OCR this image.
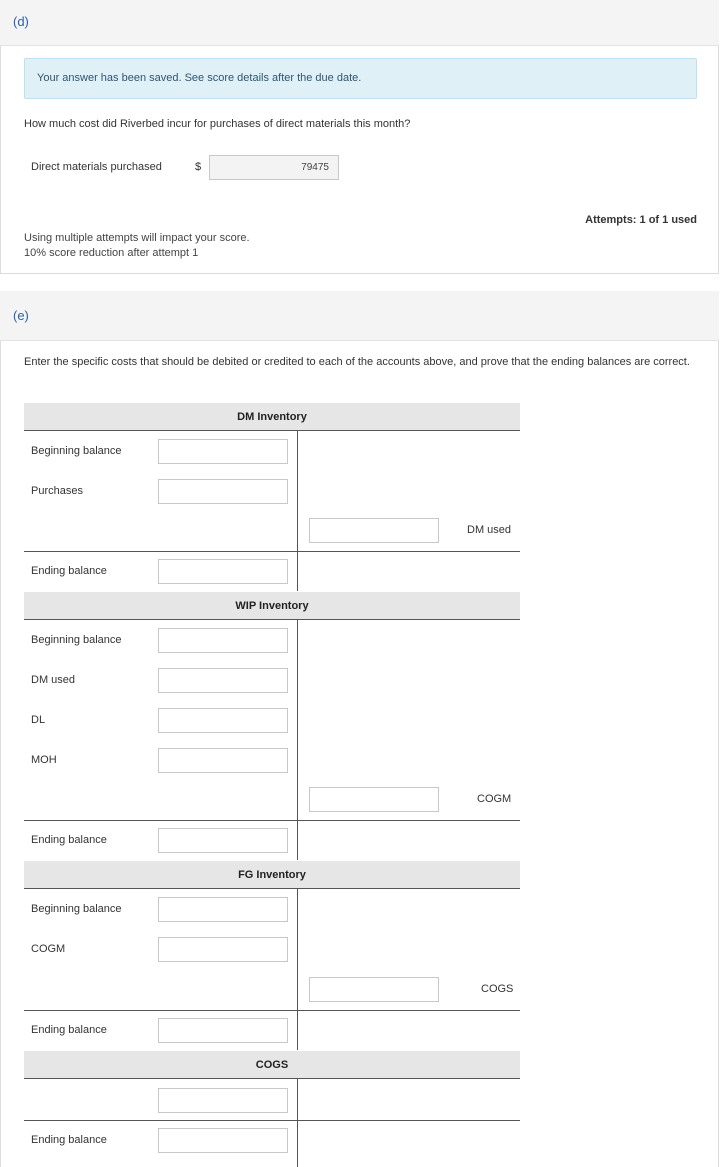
(d)
Your answer has been saved. See score details after the due date.
How much cost did Riverbed incur for purchases of direct materials this month?
Direct materials purchased	$	79475
Attempts: 1 of 1 used
Using multiple attempts will impact your score.
10% score reduction after attempt 1
(e)
Enter the specific costs that should be debited or credited to each of the accounts above, and prove that the ending balances are correct.
DM Inventory
Beginning balance
Purchases
DM used
Ending balance
WIP Inventory
Beginning balance
DM used
DL
MOH
COGM
Ending balance
FG Inventory
Beginning balance
COGM
COGS
Ending balance
COGS
Ending balance
